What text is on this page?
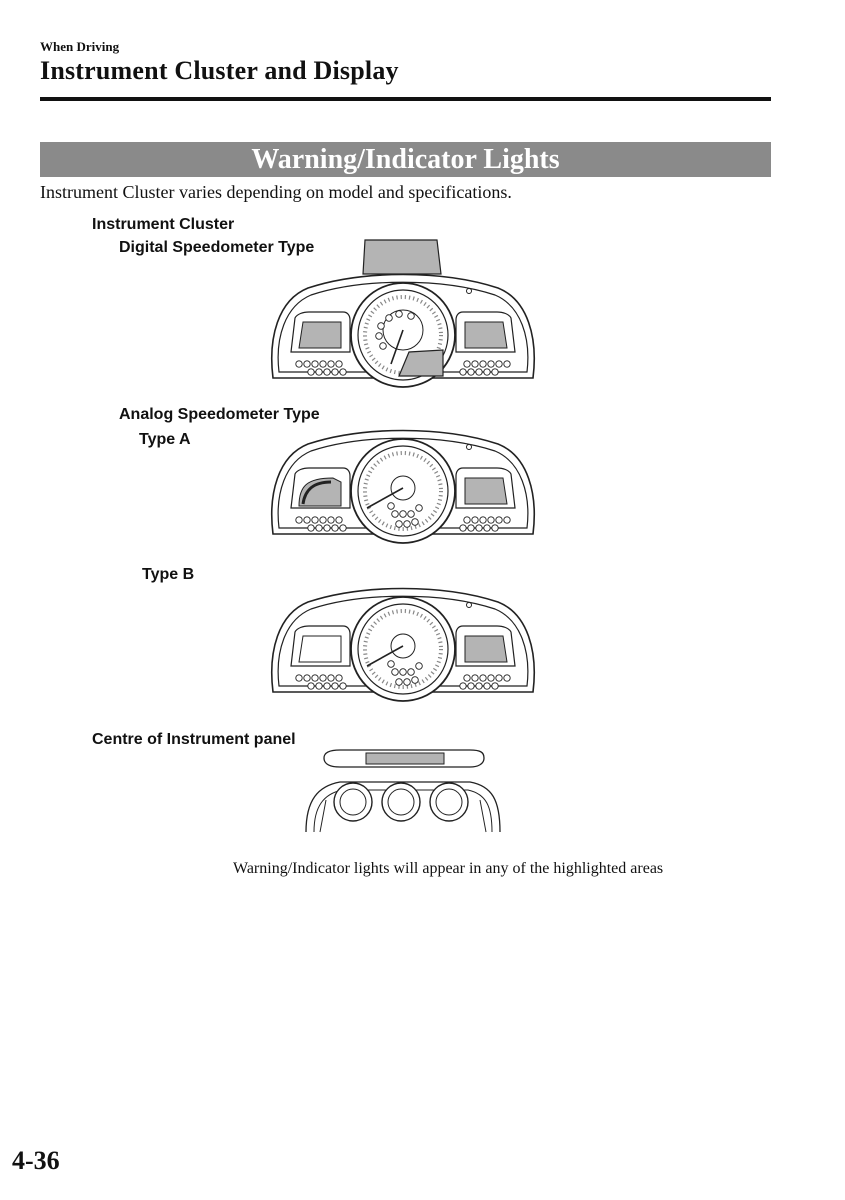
When Driving
Instrument Cluster and Display
Warning/Indicator Lights
Instrument Cluster varies depending on model and specifications.
Instrument Cluster
Digital Speedometer Type
Analog Speedometer Type
Type A
Type B
Centre of Instrument panel
Warning/Indicator lights will appear in any of the highlighted areas
4-36
